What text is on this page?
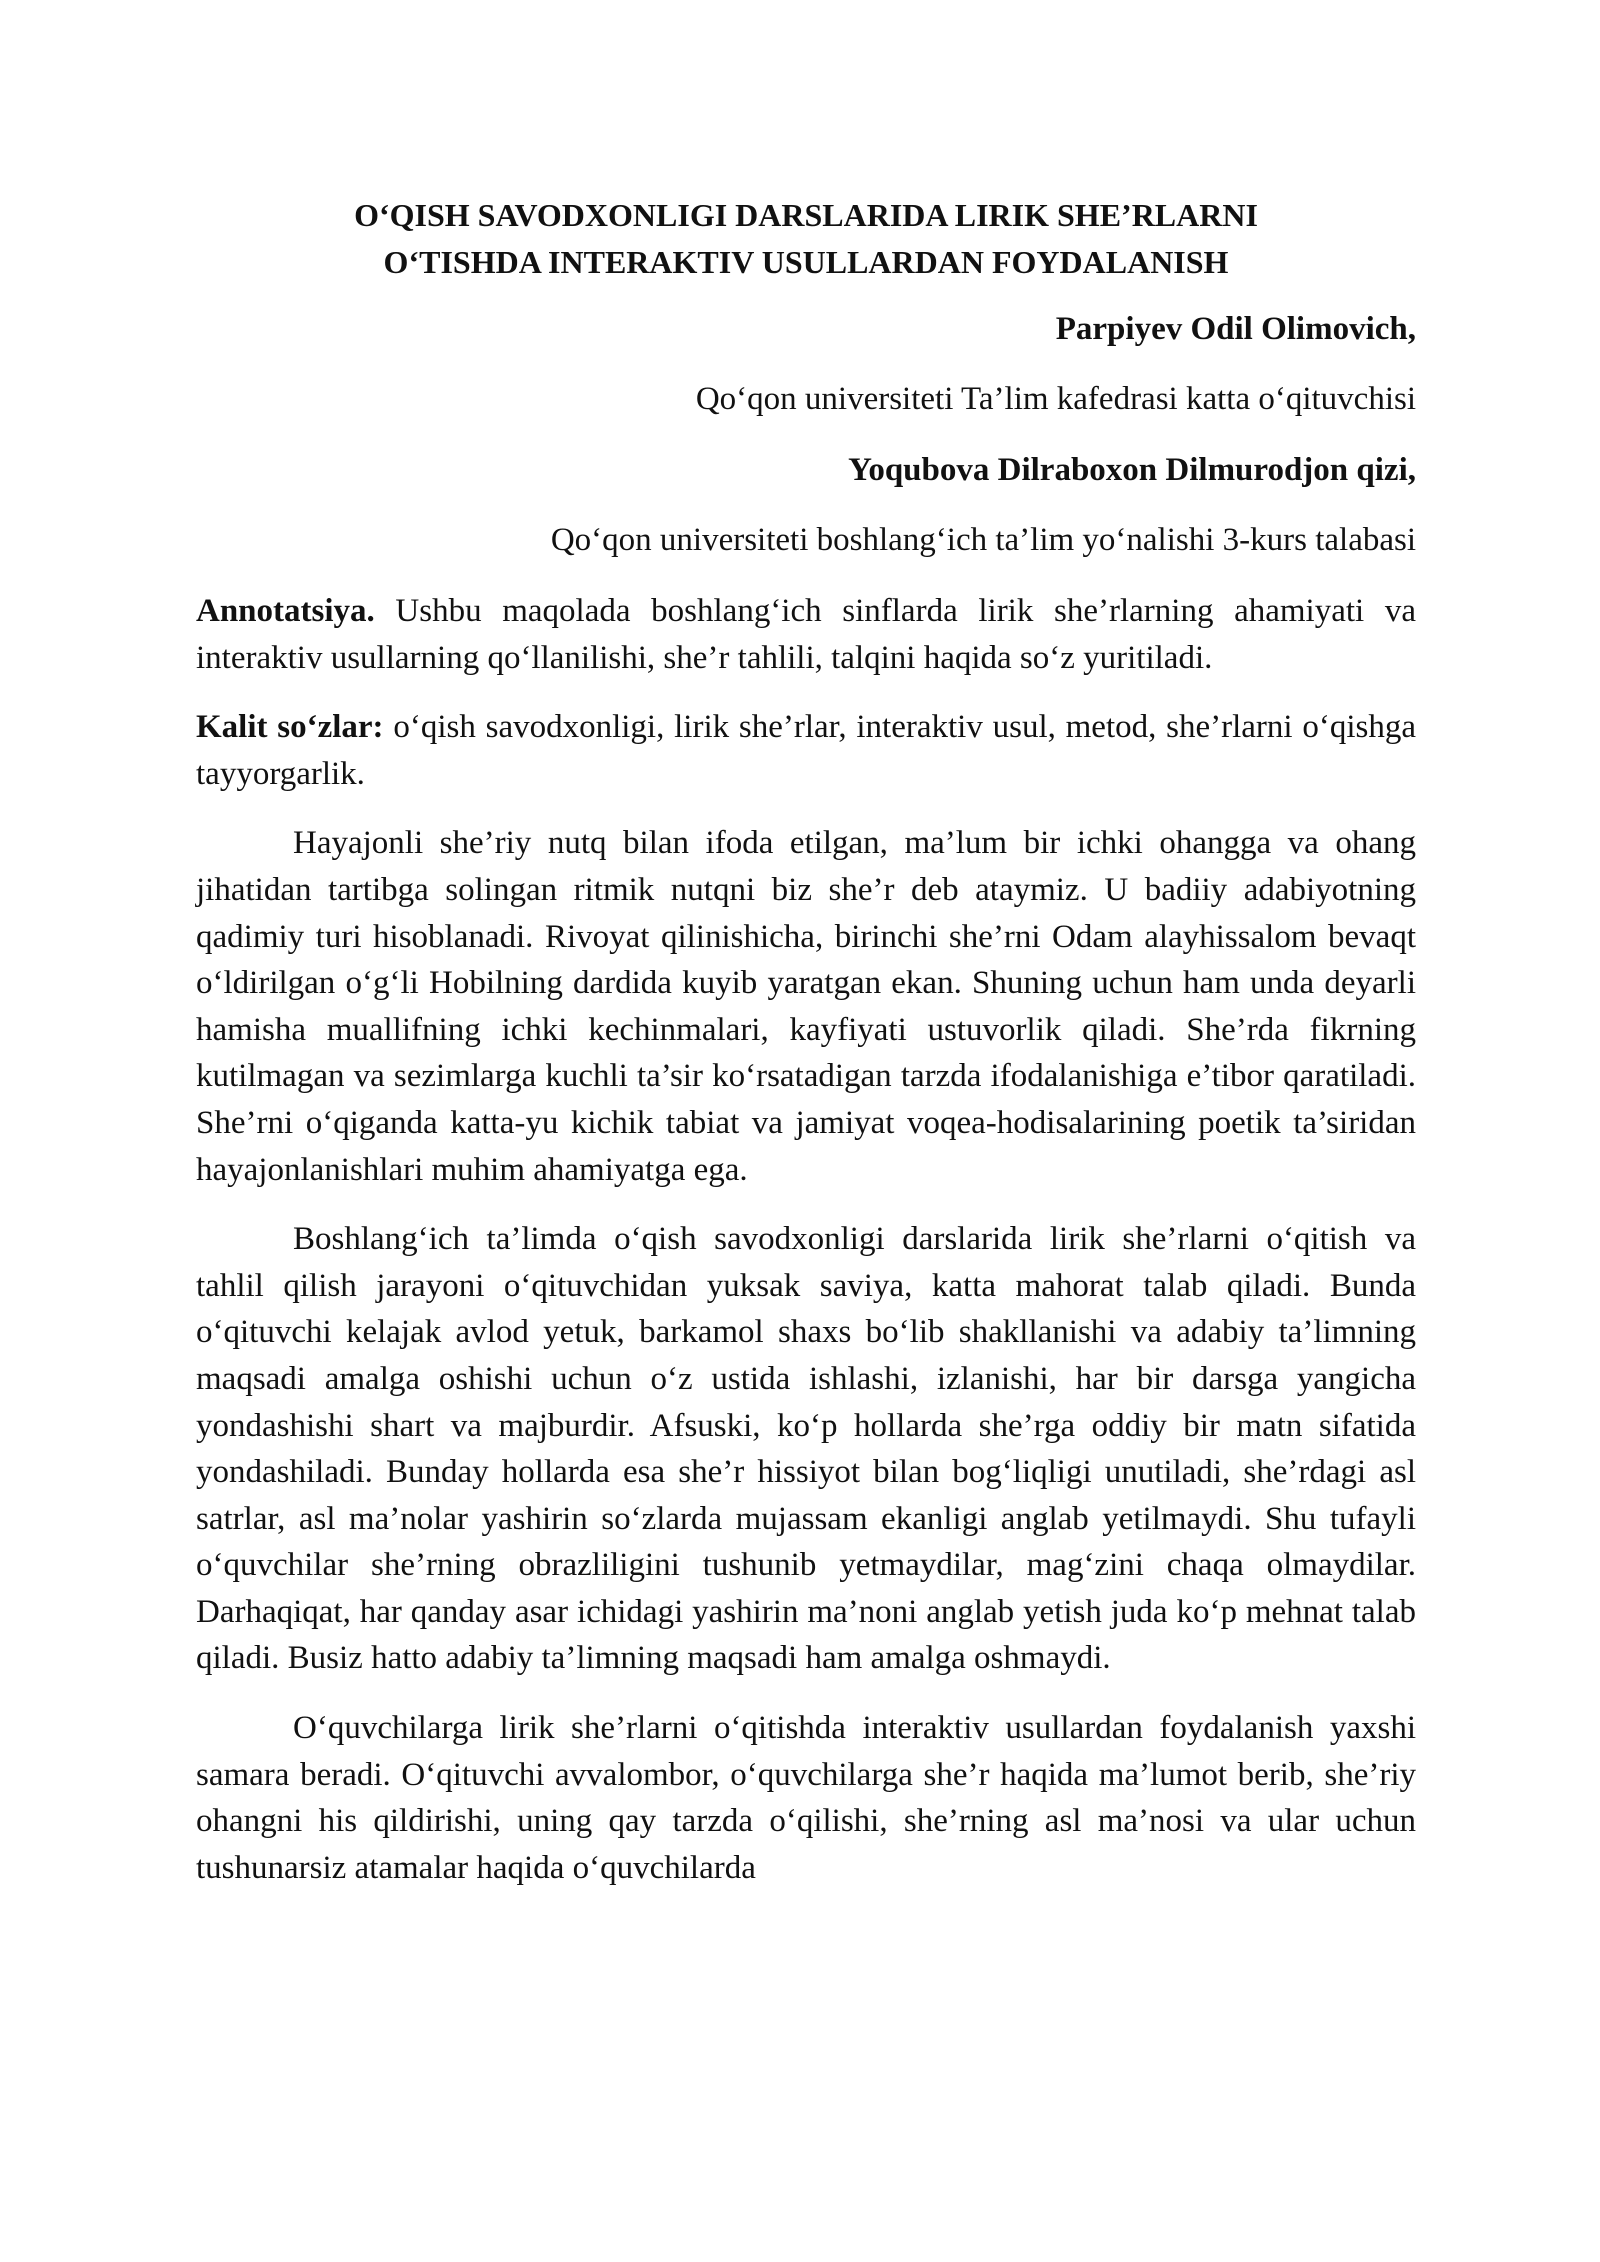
O‘QISH SAVODXONLIGI DARSLARIDA LIRIK SHE’RLARNI
O‘TISHDA INTERAKTIV USULLARDAN FOYDALANISH

Parpiyev Odil Olimovich,

Qo‘qon universiteti Ta’lim kafedrasi katta o‘qituvchisi

Yoqubova Dilraboxon Dilmurodjon qizi,

Qo‘qon universiteti boshlang‘ich ta’lim yo‘nalishi 3-kurs talabasi

Annotatsiya. Ushbu maqolada boshlang‘ich sinflarda lirik she’rlarning ahamiyati va interaktiv usullarning qo‘llanilishi, she’r tahlili, talqini haqida so‘z yuritiladi.

Kalit so‘zlar: o‘qish savodxonligi, lirik she’rlar, interaktiv usul, metod, she’rlarni o‘qishga tayyorgarlik.

Hayajonli she’riy nutq bilan ifoda etilgan, ma’lum bir ichki ohangga va ohang jihatidan tartibga solingan ritmik nutqni biz she’r deb ataymiz. U badiiy adabiyotning qadimiy turi hisoblanadi. Rivoyat qilinishicha, birinchi she’rni Odam alayhissalom bevaqt o‘ldirilgan o‘g‘li Hobilning dardida kuyib yaratgan ekan. Shuning uchun ham unda deyarli hamisha muallifning ichki kechinmalari, kayfiyati ustuvorlik qiladi. She’rda fikrning kutilmagan va sezimlarga kuchli ta’sir ko‘rsatadigan tarzda ifodalanishiga e’tibor qaratiladi. She’rni o‘qiganda katta-yu kichik tabiat va jamiyat voqea-hodisalarining poetik ta’siridan hayajonlanishlari muhim ahamiyatga ega.

Boshlang‘ich ta’limda o‘qish savodxonligi darslarida lirik she’rlarni o‘qitish va tahlil qilish jarayoni o‘qituvchidan yuksak saviya, katta mahorat talab qiladi. Bunda o‘qituvchi kelajak avlod yetuk, barkamol shaxs bo‘lib shakllanishi va adabiy ta’limning maqsadi amalga oshishi uchun o‘z ustida ishlashi, izlanishi, har bir darsga yangicha yondashishi shart va majburdir. Afsuski, ko‘p hollarda she’rga oddiy bir matn sifatida yondashiladi. Bunday hollarda esa she’r hissiyot bilan bog‘liqligi unutiladi, she’rdagi asl satrlar, asl ma’nolar yashirin so‘zlarda mujassam ekanligi anglab yetilmaydi. Shu tufayli o‘quvchilar she’rning obrazliligini tushunib yetmaydilar, mag‘zini chaqa olmaydilar. Darhaqiqat, har qanday asar ichidagi yashirin ma’noni anglab yetish juda ko‘p mehnat talab qiladi. Busiz hatto adabiy ta’limning maqsadi ham amalga oshmaydi.

O‘quvchilarga lirik she’rlarni o‘qitishda interaktiv usullardan foydalanish yaxshi samara beradi. O‘qituvchi avvalombor, o‘quvchilarga she’r haqida ma’lumot berib, she’riy ohangni his qildirishi, uning qay tarzda o‘qilishi, she’rning asl ma’nosi va ular uchun tushunarsiz atamalar haqida o‘quvchilarda
